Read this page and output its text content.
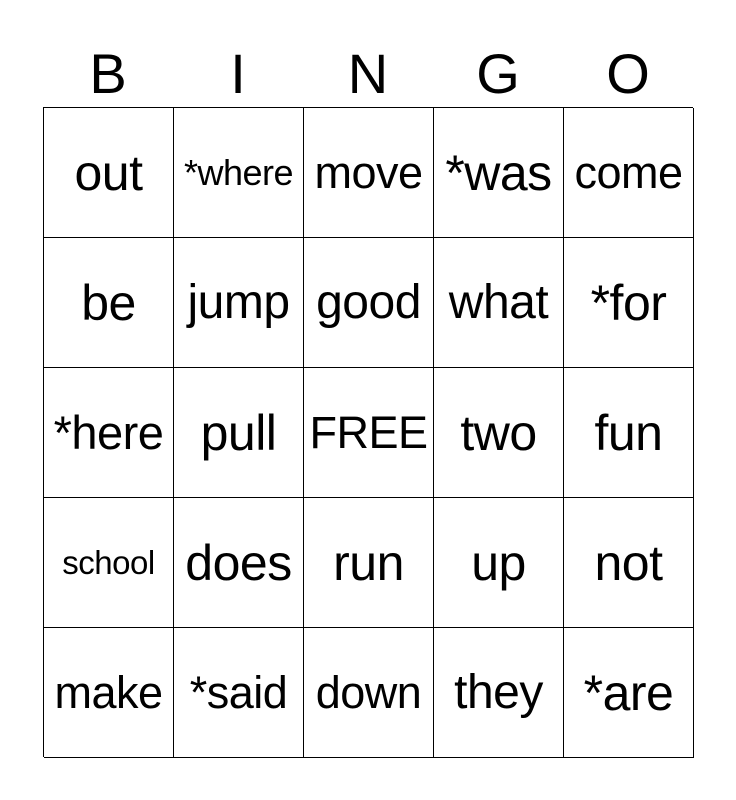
B	I	N	G	O
out *where move *was come
be jump good what *for
*here pull FREE two fun
school does run up not
make *said down they *are
